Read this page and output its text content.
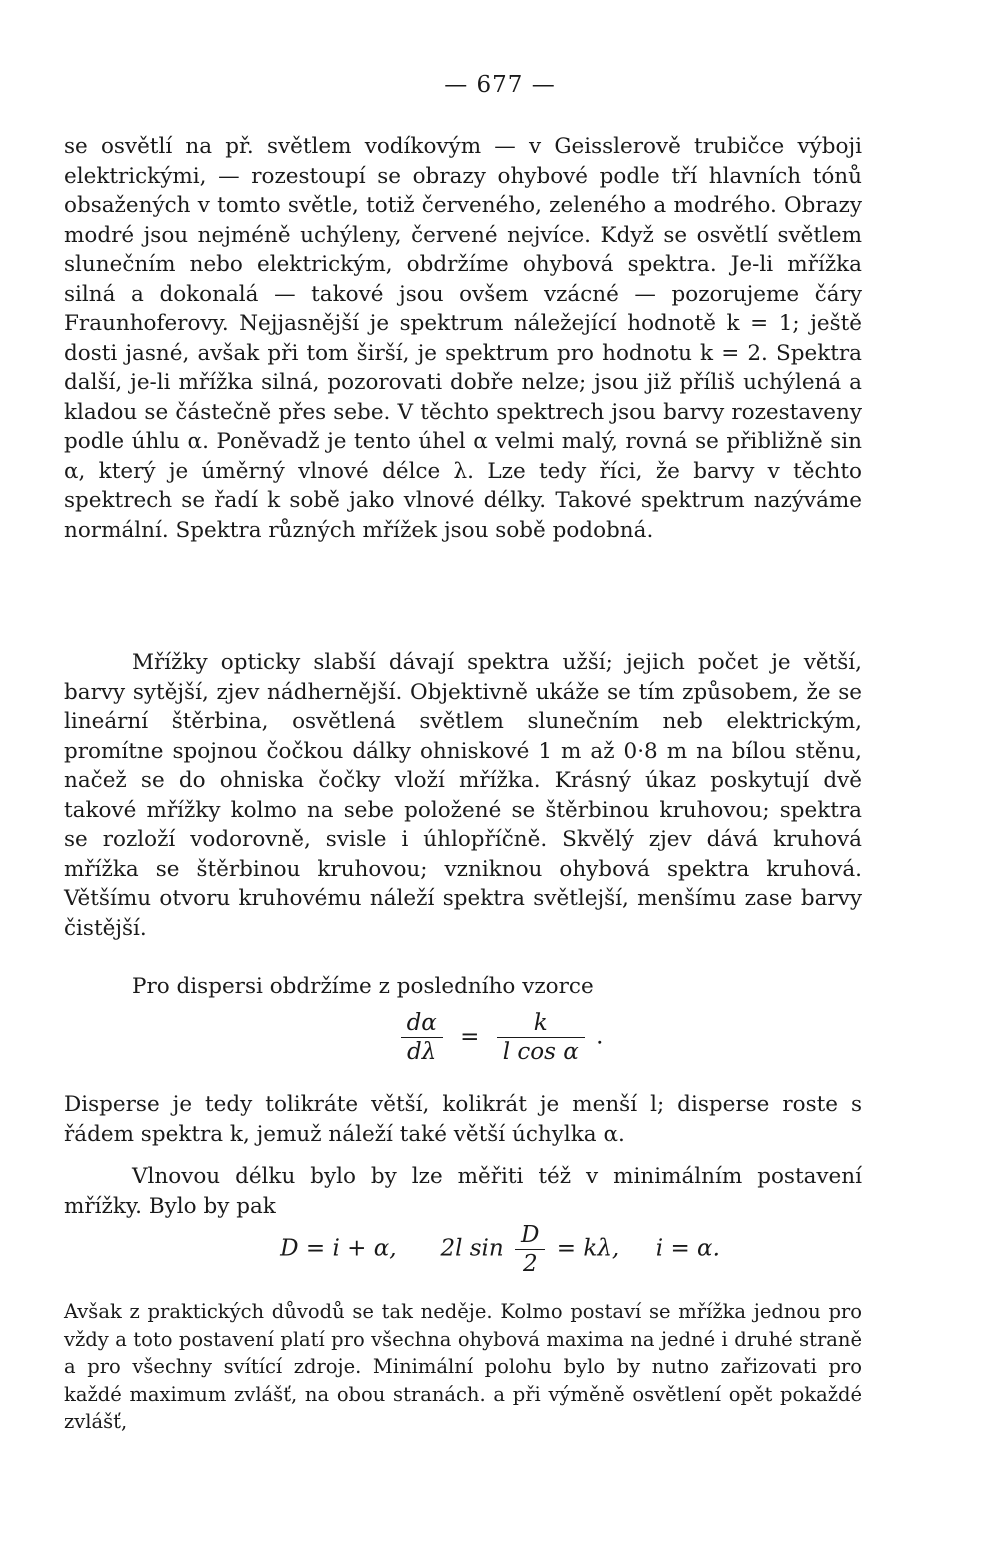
— 677 —

se osvětlí na př. světlem vodíkovým — v Geisslerově trubičce výboji elektrickými, — rozestoupí se obrazy ohybové podle tří hlavních tónů obsažených v tomto světle, totiž červeného, zeleného a modrého. Obrazy modré jsou nejméně uchýleny, červené nejvíce. Když se osvětlí světlem slunečním nebo elektrickým, obdržíme ohybová spektra. Je-li mřížka silná a dokonalá — takové jsou ovšem vzácné — pozorujeme čáry Fraunhoferovy. Nejjasnější je spektrum náležející hodnotě k = 1; ještě dosti jasné, avšak při tom širší, je spektrum pro hodnotu k = 2. Spektra další, je-li mřížka silná, pozorovati dobře nelze; jsou již příliš uchýlená a kladou se částečně přes sebe. V těchto spektrech jsou barvy rozestaveny podle úhlu α. Poněvadž je tento úhel α velmi malý, rovná se přibližně sin α, který je úměrný vlnové délce λ. Lze tedy říci, že barvy v těchto spektrech se řadí k sobě jako vlnové délky. Takové spektrum nazýváme normální. Spektra různých mřížek jsou sobě podobná.

Mřížky opticky slabší dávají spektra užší; jejich počet je větší, barvy sytější, zjev nádhernější. Objektivně ukáže se tím způsobem, že se lineární štěrbina, osvětlená světlem slunečním neb elektrickým, promítne spojnou čočkou dálky ohniskové 1 m až 0·8 m na bílou stěnu, načež se do ohniska čočky vloží mřížka. Krásný úkaz poskytují dvě takové mřížky kolmo na sebe položené se štěrbinou kruhovou; spektra se rozloží vodorovně, svisle i úhlopříčně. Skvělý zjev dává kruhová mřížka se štěrbinou kruhovou; vzniknou ohybová spektra kruhová. Většímu otvoru kruhovému náleží spektra světlejší, menšímu zase barvy čistější.

Pro dispersi obdržíme z posledního vzorce

$\frac{d\alpha}{d\lambda} = \frac{k}{\text{l cos α}}$ .

Disperse je tedy tolikráte větší, kolikrát je menší l; disperse roste s řádem spektra k, jemuž náleží také větší úchylka α.

Vlnovou délku bylo by lze měřiti též v minimálním postavení mřížky. Bylo by pak

D = i + α, 2l $\sin \frac{D}{2} = k\lambda$, i = α.

Avšak z praktických důvodů se tak neděje. Kolmo postaví se mřížka jednou pro vždy a toto postavení platí pro všechna ohybová maxima na jedné i druhé straně a pro všechny svítící zdroje. Minimální polohu bylo by nutno zařizovati pro každé maximum zvlášť, na obou stranách. a při výměně osvětlení opět pokaždé zvlášť,
